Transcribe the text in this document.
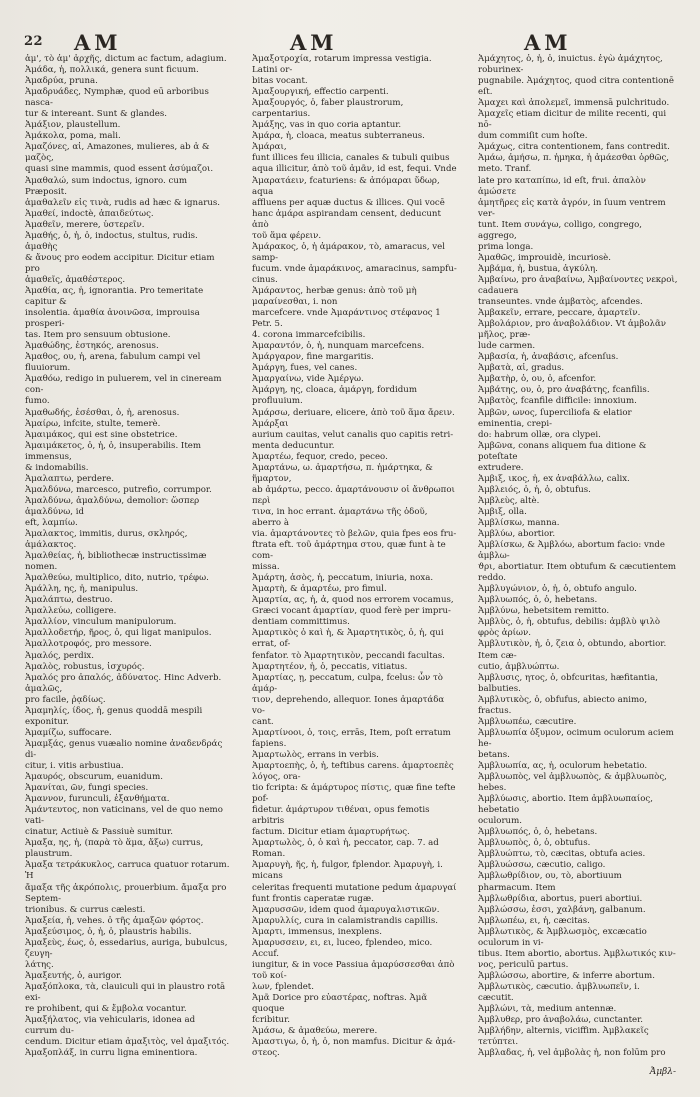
22 AM	AM	AM

ἀμ', τὸ ἀμ' ἀρχῆς, dictum ac factum, adagium.

Ἀμάδα, ἡ, πολλικά, genera sunt ficuum.

Ἀμαδρύα, pruna.

Ἀμαδρυάδες, Nymphæ, quod eū arboribus nasca-

tur & intereant. Sunt & glandes.

Ἀμάξιον, plaustellum.

Ἀμάκολα, poma, mali.

Ἀμαζόνες, αἱ, Amazones, mulieres, ab ἀ & μαζὸς,

quasi sine mammis, quod essent ἀσύμαζοι.

Ἀμαθαλώ, sum indoctus, ignoro. cum Præposit.

ἀμαθαλεῖν εἰς τινὰ, rudis ad hæc & ignarus.

Ἀμαθεί, indoctè, ἀπαιδεύτως.

Ἀμαθεῖν, merere, ὑστερεῖν.

Ἀμαθής, ὁ, ἡ, ὁ, indoctus, stultus, rudis. ἀμαθὴς

& ἄνους pro eodem accipitur. Dicitur etiam pro

ἀμαθεῖς, ἀμαθέστερος.

Ἀμαθία, ας, ἡ, ignorantia. Pro temeritate capitur &

insolentia. ἀμαθία ἀνοινῶσα, improuisa prosperi-

tas. Item pro sensuum obtusione.

Ἀμαθώδης, ἐστηκός, arenosus.

Ἀμαθος, ου, ἡ, arena, fabulum campi vel fluuiorum.

Ἀμαθόω, redigo in puluerem, vel in cineream con-

fumo.

Ἀμαθωδής, ἐσέσθαι, ὁ, ἡ, arenosus.

Ἀμαίρω, infcite, stulte, temerè.

Ἀμαιμάκος, qui est sine obstetrice.

Ἀμαιμάκετος, ὁ, ἡ, ὁ, insuperabilis. Item immensus,

& indomabilis.

Ἀμαλαπτω, perdere.

Ἀμαλδύνω, marcesco, putrefio, corrumpor.

Ἀμαλδύνω, ἀμαλδύνω, demolior: ὥσπερ ἀμαλδύνω, id

eft, λαμπίω.

Ἀμαλακτος, immitis, durus, σκληρός, ἀμάλακτος.

Ἀμαλθείας, ἡ, bibliothecæ instructissimæ nomen.

Ἀμαλθεύω, multiplico, dito, nutrio, τρέφω.

Ἀμάλλη, ης, ἡ, manipulus.

Ἀμαλάπτω, destruo.

Ἀμαλλεύω, colligere.

Ἀμαλλίον, vinculum manipulorum.

Ἀμαλλοδετήρ, ῆρος, ὁ, qui ligat manipulos.

Ἀμαλλοτροφός, pro messore.

Ἀμαλός, perdix.

Ἀμαλὸς, robustus, ἰσχυρός.

Ἀμαλός pro ἁπαλός, ἀδύνατος. Hinc Adverb. ἀμαλῶς,

pro facile, ῥᾳδίως.

Ἀμαμηλίς, ίδος, ἡ, genus quoddā mespili exponitur.

Ἀμαμίζω, suffocare.

Ἀμαμξάς, genus vuæalio nomine ἀναδενδράς di-

citur, i. vitis arbustiua.

Ἀμαυρός, obscurum, euanidum.

Ἀμανίται, ῶν, fungi species.

Ἀμαννον, furunculi, ἐξανθήματα.

Ἀμάντευτος, non vaticinans, vel de quo nemo vati-

cinatur, Actiuè & Passiuè sumitur.

Ἀμαξα, ης, ἡ, (παρὰ τὸ ἅμα, ἄξω) currus, plaustrum.

Ἀμαξα τετράκυκλος, carruca quatuor rotarum. Ἡ

ἄμαξα τῆς ἀκρόπολις, prouerbium. ἄμαξα pro Septem-

trionibus. & currus cælesti.

Ἀμαξεία, ἡ, vehes. ὁ τῆς ἀμαξῶν φόρτος.

Ἀμαξεύσιμος, ὁ, ἡ, ὁ, plaustris habilis.

Ἀμαξεὺς, έως, ὁ, essedarius, auriga, bubulcus, ζευγη-

λάτης.

Ἀμαξευτής, ὁ, aurigor.

Ἀμαξόπλοκα, τὰ, clauiculi qui in plaustro rotā exi-

re prohibent, qui & ἔμβολα vocantur.

Ἀμαξήλατος, via vehicularis, idonea ad currum du-

cendum. Dicitur etiam ἀμαξιτὸς, vel ἀμαξιτός.

Ἀμαξοπλάξ, in curru ligna eminentiora.

Ἀμαξοτροχία, rotarum impressa vestigia. Latini or-

bitas vocant.

Ἀμαξουργική, effectio carpenti.

Ἀμαξουργός, ὁ, faber plaustrorum, carpentarius.

Ἀμάξης, vas in quo coria aptantur.

Ἀμάρα, ἡ, cloaca, meatus subterraneus. Ἀμάραι,

funt illices feu illicia, canales & tubuli quibus

aqua illicitur, ἀπὸ τοῦ ἀμᾶν, id est, fequi. Vnde

Ἀμαρατάειν, fcaturiens: & ἀπόμαραι ὕδωρ, aqua

affluens per aquæ ductus & illices. Qui vocē

hanc ἀμάρα aspirandam censent, deducunt ἀπὸ

τοῦ ἅμα φέρειν.

Ἀμάρακος, ὁ, ἡ ἀμάρακον, τὸ, amaracus, vel samp-

fucum. vnde ἀμαράκινος, amaracinus, sampfu-

cinus.

Ἀμάραντος, herbæ genus: ἀπὸ τοῦ μὴ μαραίνεσθαι, i. non

marcefcere. vnde Ἀμαράντινος στέφανος 1 Petr. 5.

4. corona immarcefcibilis.

Ἀμαραντόν, ὁ, ἡ, nunquam marcefcens.

Ἀμάργαρον, fine margaritis.

Ἀμάργη, fues, vel canes.

Ἀμαργαίνω, vide Ἀμέργω.

Ἀμάργη, ης, cloaca, ἀμάργη, fordidum profluuium.

Ἀμάρσω, deriuare, elicere, ἀπὸ τοῦ ἅμα ἄρειν. Ἀμάρξαι

aurium cauitas, velut canalis quo capitis retri-

menta deducuntur.

Ἀμαρτέω, fequor, credo, peceo.

Ἀμαρτάνω, ω. ἁμαρτήσω, π. ἡμάρτηκα, & ἥμαρτον,

ab ἀμάρτω, pecco. ἁμαρτάνουσιν οἱ ἄνθρωποι περὶ

τινα, in hoc errant. ἁμαρτάνω τῆς ὁδοῦ, aberro à

via. ἁμαρτάνοντες τὸ βελῶν, quia fpes eos fru-

ftrata eft. τοῦ ἁμάρτημα στου, quæ funt à te com-

missa.

Ἀμάρτη, ἁσὸς, ἡ, peccatum, iniuria, noxa.

Ἀμαρτὴ, & ἀμαρτέω, pro fimul.

Ἀμαρτία, ας, ἡ, ἁ, quod nos errorem vocamus,

Græci vocant ἁμαρτίαν, quod ferè per impru-

dentiam committimus.

Ἀμαρτικὸς ὁ καὶ ἡ, & Ἀμαρτητικὸς, ὁ, ἡ, qui errat, of-

fenfator. τὸ Ἀμαρτητικὸν, peccandi facultas.

Ἀμαρτητέον, ἡ, ὁ, peccatis, vitiatus.

Ἀμαρτίας, ῃ, peccatum, culpa, fcelus: ὧν τὸ ἁμάρ-

τιον, deprehendo, allequor. Iones ἁμαρτάδα vo-

cant.

Ἀμαρτίνοοι, ὁ, τοις, errās, Item, poſt erratum fapiens.

Ἀμαρτωλὸς, errans in verbis.

Ἀμαρτοεπὴς, ὁ, ἡ, teftibus carens. ἁμαρτοεπὲς λόγος, ora-

tio fcripta: & ἁμάρτυρος πίστις, quæ fine tefte pof-

fidetur. ἁμάρτυρον τιθέναι, opus femotis arbitris

factum. Dicitur etiam ἁμαρτυρήτως.

Ἀμαρτωλὸς, ὁ, ὁ καὶ ἡ, peccator, cap. 7. ad Roman.

Ἀμαρυγὴ, ῆς, ἡ, fulgor, fplendor. Ἀμαρυγὴ, i. micans

celeritas frequenti mutatione pedum ἀμαρυγαί

funt frontis caperatæ rugæ.

Ἀμαρυσσῶν, idem quod ἀμαρυγαλιστικῶν.

Ἀμαρυλλίς, cura in calamistrandis capillis.

Ἀμαρτι, immensus, inexplens.

Ἀμαρυσσειν, ει, ει, luceo, fplendeo, mico. Accuf.

iungitur, & in voce Passiua ἀμαρύσσεσθαι ἀπὸ τοῦ κοί-

λων, fplendet.

Ἀμᾶ Dorice pro εὐαστέρας, noftras. Ἀμᾶ quoque

fcribitur.

Ἀμάσω, & ἀμαθεύω, merere.

Ἀμαστιγω, ὁ, ἡ, ὁ, non mamfus. Dicitur & ἀμά-

στεος.

Ἀμάχητος, ὁ, ἡ, ὁ, inuictus. ἐγὼ ἀμάχητος, roburinex-

pugnabile. Ἀμάχητος, quod citra contentionē eſt.

Ἀμαχει καὶ ἀπολεμεῖ, immensā pulchritudo.

Ἀμαχεῖς etiam dicitur de milite recenti, qui nō-

dum commiſit cum hoſte.

Ἀμάχως, citra contentionem, fans contredit.

Ἀμάω, ἁμήσω, π. ἡμηκα, ἡ ἀμάεσθαι ὀρθῶς, meto. Tranf.

late pro καταπίπω, id eſt, frui. ἁπαλὸν ἀμώσετε

ἀμητῆρες εἰς κατὰ ἀγρόν, in ſuum ventrem ver-

tunt. Item συνάγω, colligo, congrego, aggrego,

prima longa.

Ἀμαθῶς, improuidè, incuriosè.

Ἀμβάμα, ἡ, bustua, ἀγκύλη.

Ἀμβαίνω, pro ἀναβαίνω, Ἀμβαίνοντες νεκροὶ, cadauera

transeuntes. vnde ἀμβατὸς, afcendes.

Ἀμβακεῖν, errare, peccare, ἁμαρτεῖν.

Ἀμβολάριον, pro ἀναβολάδιον. Vt ἀμβολᾶν μῆλος, præ-

lude carmen.

Ἀμβασία, ἡ, ἀναβάσις, afcenſus.

Ἀμβατὰ, αἱ, gradus.

Ἀμβατὴρ, ὁ, ου, ὁ, afcenfor.

Ἀμβάτης, ου, ὁ, pro ἀναβάτης, fcanfilis.

Ἀμβατὸς, fcanfile difficile: innoxium.

Ἀμβῶν, ωνος, ſuperciliofa & elatior eminentia, crepi-

do: habrum ollæ, ora clypei.

Ἀμβῶνα, conans aliquem fua ditione & poteſtate

extrudere.

Ἀμβιξ, ικος, ἡ, ex ἀναβάλλω, calix.

Ἀμβλειός, ὁ, ἡ, ὁ, obtufus.

Ἀμβλεὺς, altè.

Ἀμβιξ, olla.

Ἀμβλίσκω, manna.

Ἀμβλύω, abortior.

Ἀμβλίσκω, & Ἀμβλόω, abortum facio: vnde ἀμβλω-

ϑρι, abortiatur. Item obtufum & cæcutientem

reddo.

Ἀμβλυγώνιον, ὁ, ἡ, ὁ, obtufo angulo.

Ἀμβλυωπός, ὁ, ὁ, hebetans.

Ἀμβλύνω, hebetsitem remitto.

Ἀμβλὺς, ὁ, ἡ, obtufus, debilis: ἀμβλὺ ψιλὸ φρὸς ἀρίων.

Ἀμβλυτικὸν, ἡ, ὁ, ζεια ὁ, obtundo, abortior. Item cæ-

cutio, ἀμβλυώπτω.

Ἀμβλυσις, ητος, ὁ, obfcuritas, hæfitantia, balbuties.

Ἀμβλυτικὸς, ὁ, obfufus, abiecto animo, fractus.

Ἀμβλυωπέω, cæcutire.

Ἀμβλυωπία ὀξυμον, ocimum oculorum aciem he-

betans.

Ἀμβλυωπία, ας, ἡ, oculorum hebetatio.

Ἀμβλυωπὸς, vel ἀμβλυωπὸς, & ἀμβλυωπὸς, hebes.

Ἀμβλύωσις, abortio. Item ἀμβλυωπαίος, hebetatio

oculorum.

Ἀμβλυωπός, ὁ, ὁ, hebetans.

Ἀμβλυωπὸς, ὁ, ὁ, obtufus.

Ἀμβλυώπτω, τὸ, cæcitas, obtufa acies.

Ἀμβλυώσσω, cæcutio, caligo.

Ἀμβλωθρίδιον, ου, τὸ, abortiuum pharmacum. Item

Ἀμβλωθρίδια, abortus, pueri abortiui.

Ἀμβλώσσω, ἐσσι, χαλβάνη, galbanum.

Ἀμβλωπέω, ει, ἡ, cæcitas.

Ἀμβλωτικὸς, & Ἀμβλωσμὸς, excæcatio oculorum in vi-

tibus. Item abortio, abortus. Ἀμβλωτικός κιν-

νος, periculū partus.

Ἀμβλώσσω, abortire, & inferre abortum.

Ἀμβλωτικὸς, cæcutio. ἀμβλυωπεῖν, i. cæcutit.

Ἀμβλώνι, τὰ, medium antennæ.

Ἀμβλυθερ, pro ἀναβολάω, cunctanter.

Ἀμβλήδην, alternis, viciffim. Ἀμβλακεῖς τετύπτει.

Ἀμβλαδας, ἡ, vel ἀμβολὰς ἡ, non folūm pro

Ἀμβλ-
